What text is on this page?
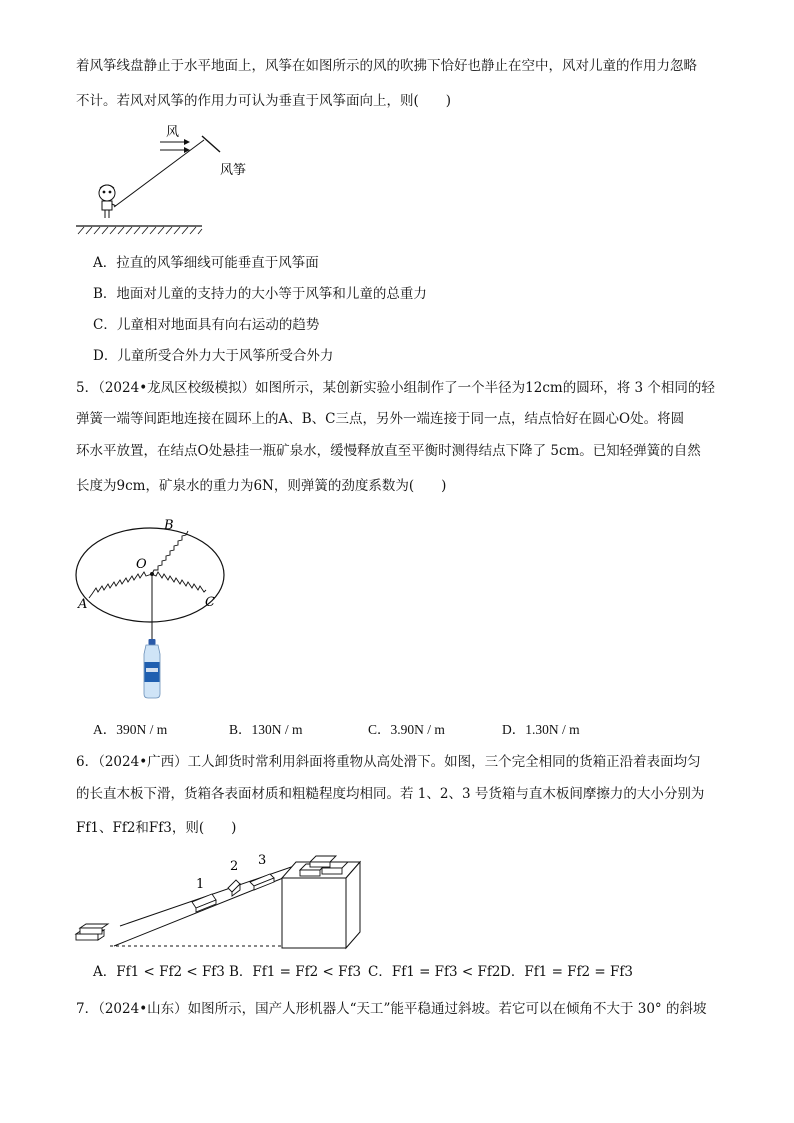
着风筝线盘静止于水平地面上，风筝在如图所示的风的吹拂下恰好也静止在空中，风对儿童的作用力忽略
不计。若风对风筝的作用力可认为垂直于风筝面向上，则(　　)
风
风筝
A．拉直的风筝细线可能垂直于风筝面
B．地面对儿童的支持力的大小等于风筝和儿童的总重力
C．儿童相对地面具有向右运动的趋势
D．儿童所受合外力大于风筝所受合外力
5．（2024•龙凤区校级模拟）如图所示，某创新实验小组制作了一个半径为12cm的圆环，将 3 个相同的轻
弹簧一端等间距地连接在圆环上的A、B、C三点，另外一端连接于同一点，结点恰好在圆心O处。将圆
环水平放置，在结点O处悬挂一瓶矿泉水，缓慢释放直至平衡时测得结点下降了 5cm。已知轻弹簧的自然
长度为9cm，矿泉水的重力为6N，则弹簧的劲度系数为(　　)
A
B
C
O
A．390N / m	B．130N / m	C．3.90N / m	D．1.30N / m
6．（2024•广西）工人卸货时常利用斜面将重物从高处滑下。如图，三个完全相同的货箱正沿着表面均匀
的长直木板下滑，货箱各表面材质和粗糙程度均相同。若 1、2、3 号货箱与直木板间摩擦力的大小分别为
Ff1、Ff2和Ff3，则(　　)
1
2 3
A．Ff1 < Ff2 < Ff3 B．Ff1 = Ff2 < Ff3 C．Ff1 = Ff3 < Ff2 D．Ff1 = Ff2 = Ff3
7．（2024•山东）如图所示，国产人形机器人“天工”能平稳通过斜坡。若它可以在倾角不大于 30° 的斜坡
